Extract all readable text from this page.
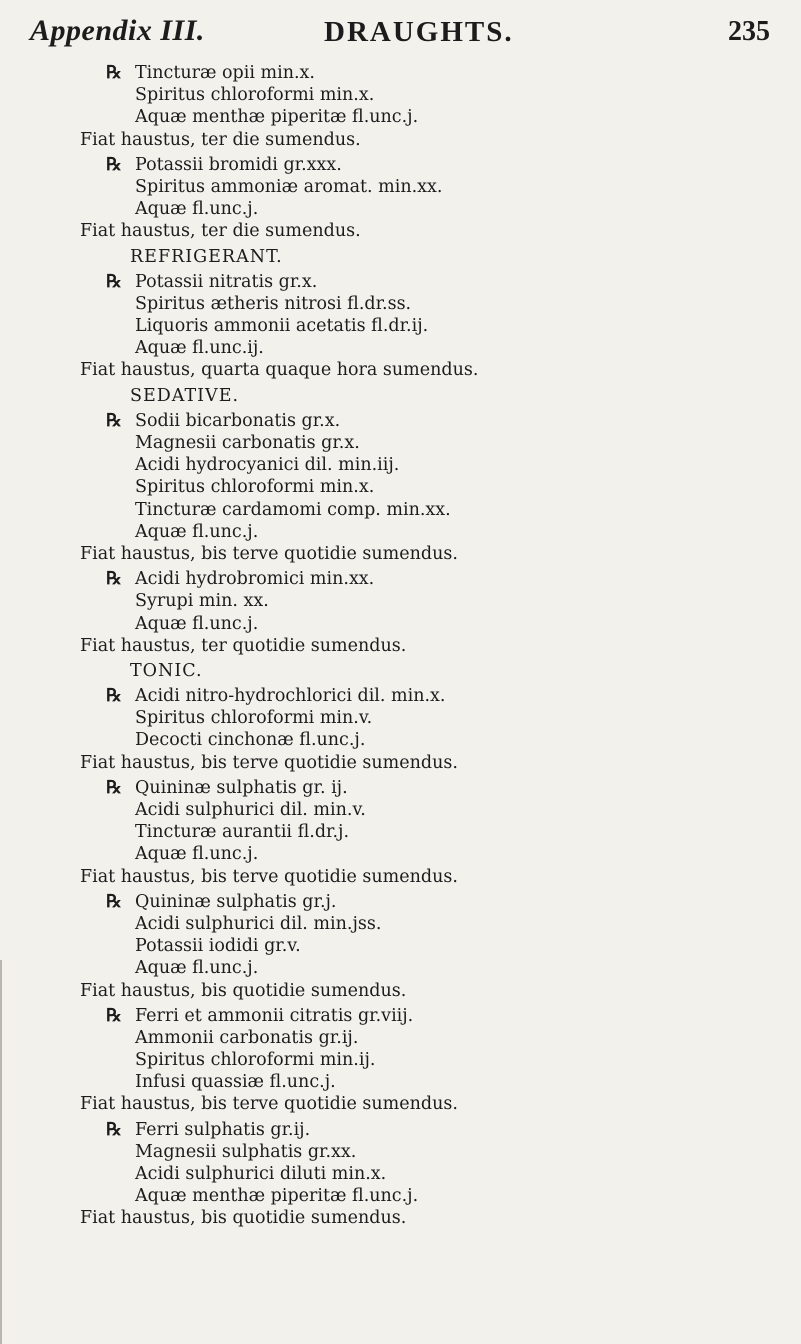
Appendix III.	DRAUGHTS.	235
℞ Tincturæ opii min.x.
Spiritus chloroformi min.x.
Aquæ menthæ piperitæ fl.unc.j.
Fiat haustus, ter die sumendus.
℞ Potassii bromidi gr.xxx.
Spiritus ammoniæ aromat. min.xx.
Aquæ fl.unc.j.
Fiat haustus, ter die sumendus.
REFRIGERANT.
℞ Potassii nitratis gr.x.
Spiritus ætheris nitrosi fl.dr.ss.
Liquoris ammonii acetatis fl.dr.ij.
Aquæ fl.unc.ij.
Fiat haustus, quarta quaque hora sumendus.
SEDATIVE.
℞ Sodii bicarbonatis gr.x.
Magnesii carbonatis gr.x.
Acidi hydrocyanici dil. min.iij.
Spiritus chloroformi min.x.
Tincturæ cardamomi comp. min.xx.
Aquæ fl.unc.j.
Fiat haustus, bis terve quotidie sumendus.
℞ Acidi hydrobromici min.xx.
Syrupi min. xx.
Aquæ fl.unc.j.
Fiat haustus, ter quotidie sumendus.
TONIC.
℞ Acidi nitro-hydrochlorici dil. min.x.
Spiritus chloroformi min.v.
Decocti cinchonæ fl.unc.j.
Fiat haustus, bis terve quotidie sumendus.
℞ Quininæ sulphatis gr. ij.
Acidi sulphurici dil. min.v.
Tincturæ aurantii fl.dr.j.
Aquæ fl.unc.j.
Fiat haustus, bis terve quotidie sumendus.
℞ Quininæ sulphatis gr.j.
Acidi sulphurici dil. min.jss.
Potassii iodidi gr.v.
Aquæ fl.unc.j.
Fiat haustus, bis quotidie sumendus.
℞ Ferri et ammonii citratis gr.viij.
Ammonii carbonatis gr.ij.
Spiritus chloroformi min.ij.
Infusi quassiæ fl.unc.j.
Fiat haustus, bis terve quotidie sumendus.
℞ Ferri sulphatis gr.ij.
Magnesii sulphatis gr.xx.
Acidi sulphurici diluti min.x.
Aquæ menthæ piperitæ fl.unc.j.
Fiat haustus, bis quotidie sumendus.
